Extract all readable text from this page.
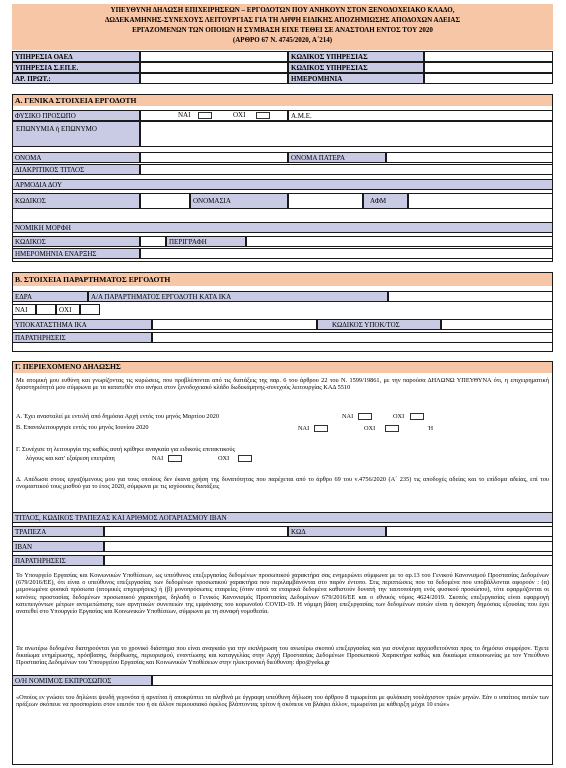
ΥΠΕΥΘΥΝΗ ΔΗΛΩΣΗ ΕΠΙΧΕΙΡΗΣΕΩΝ – ΕΡΓΟΔΟΤΩΝ ΠΟΥ ΑΝΗΚΟΥΝ ΣΤΟΝ ΞΕΝΟΔΟΧΕΙΑΚΟ ΚΛΑΔΟ,
ΔΩΔΕΚΑΜΗΝΗΣ-ΣΥΝΕΧΟΥΣ ΛΕΙΤΟΥΡΓΙΑΣ ΓΙΑ ΤΗ ΛΗΨΗ ΕΙΔΙΚΗΣ ΑΠΟΖΗΜΙΩΣΗΣ ΑΠΟΔΟΧΩΝ ΑΔΕΙΑΣ
ΕΡΓΑΖΟΜΕΝΩΝ ΤΩΝ ΟΠΟΙΩΝ Η ΣΥΜΒΑΣΗ ΕΙΧΕ ΤΕΘΕΙ ΣΕ ΑΝΑΣΤΟΛΗ ΕΝΤΟΣ ΤΟΥ 2020
(ΑΡΘΡΟ 67 Ν. 4745/2020, Α΄214)
ΥΠΗΡΕΣΙΑ ΟΑΕΔ	ΚΩΔΙΚΟΣ ΥΠΗΡΕΣΙΑΣ
ΥΠΗΡΕΣΙΑ Σ.ΕΠ.Ε.	ΚΩΔΙΚΟΣ ΥΠΗΡΕΣΙΑΣ
ΑΡ. ΠΡΩΤ.:	ΗΜΕΡΟΜΗΝΙΑ
Α. ΓΕΝΙΚΑ ΣΤΟΙΧΕΙΑ ΕΡΓΟΔΟΤΗ
ΦΥΣΙΚΟ ΠΡΟΣΩΠΟ	ΝΑΙ	ΟΧΙ	Α.Μ.Ε.
ΕΠΩΝΥΜΙΑ ή ΕΠΩΝΥΜΟ
ΟΝΟΜΑ	ΟΝΟΜΑ ΠΑΤΕΡΑ
ΔΙΑΚΡΙΤΙΚΟΣ ΤΙΤΛΟΣ
ΑΡΜΟΔΙΑ ΔΟΥ
ΚΩΔΙΚΟΣ	ΟΝΟΜΑΣΙΑ	ΑΦΜ
ΝΟΜΙΚΗ ΜΟΡΦΗ
ΚΩΔΙΚΟΣ	ΠΕΡΙΓΡΑΦΗ
ΗΜΕΡΟΜΗΝΙΑ ΕΝΑΡΞΗΣ
Β. ΣΤΟΙΧΕΙΑ ΠΑΡΑΡΤΗΜΑΤΟΣ ΕΡΓΟΔΟΤΗ
ΕΔΡΑ	Α/Α ΠΑΡΑΡΤΗΜΑΤΟΣ ΕΡΓΟΔΟΤΗ ΚΑΤΑ ΙΚΑ
ΝΑΙ	ΟΧΙ
ΥΠΟΚΑΤΑΣΤΗΜΑ ΙΚΑ	ΚΩΔΙΚΟΣ ΥΠΟΚ/ΤΟΣ
ΠΑΡΑΤΗΡΗΣΕΙΣ
Γ. ΠΕΡΙΕΧΟΜΕΝΟ ΔΗΛΩΣΗΣ
Με ατομική μου ευθύνη και γνωρίζοντας τις κυρώσεις, που προβλέπονται από τις διατάξεις της παρ. 6 του άρθρου 22 του Ν. 1599/19861, με την παρούσα ΔΗΛΩΝΩ ΥΠΕΥΘΥΝΑ ότι, η επιχειρηματική δραστηριότητά μου σύμφωνα με τα κατατεθέν στο ανήκει στον ξενοδοχειακό κλάδο δωδεκάμηνης-συνεχούς λειτουργίας ΚΑΔ 5510
Α. Έχει ανασταλεί με εντολή από δημόσια Αρχή εντός του μηνός Μαρτίου 2020	ΝΑΙ	ΟΧΙ
Β. Επαναλειτουργησε εντός του μηνός Ιουνίου 2020	ΝΑΙ	ΟΧΙ	Ή
Γ. Συνέχισε τη λειτουργία της καθώς αυτή κρίθηκε αναγκαία για ειδικούς επιτακτικούς
λόγους και κατ' εξαίρεση επετράπη	ΝΑΙ	ΟΧΙ
Δ. Απέδωσα στους εργαζόμενους μου για τους οποίους δεν έκανα χρήση της δυνατότητας που παρέχεται από το άρθρο 69 του ν.4756/2020 (Α΄ 235) τις αποδοχές αδείας και το επίδομα αδείας, επί του ονομαστικού τους μισθού για το έτος 2020, σύμφωνα με τις ισχύουσες διατάξεις
ΤΙΤΛΟΣ, ΚΩΔΙΚΟΣ ΤΡΑΠΕΖΑΣ ΚΑΙ ΑΡΙΘΜΟΣ ΛΟΓΑΡΙΑΣΜΟΥ IBAN
ΤΡΑΠΕΖΑ	ΚΩΔ
IBAN
ΠΑΡΑΤΗΡΗΣΕΙΣ
Το Υπουργείο Εργασίας και Κοινωνικών Υποθέσεων, ως υπεύθυνος επεξεργασίας δεδομένων προσωπικού χαρακτήρα σας ενημερώνει σύμφωνα με το αρ.13 του Γενικού Κανονισμού Προστασίας Δεδομένων (679/2016/ΕΕ), ότι είναι ο υπεύθυνος επεξεργασίας των δεδομένων προσωπικού χαρακτήρα που περιλαμβάνονται στο παρόν έντυπο. Στις περιπτώσεις που τα δεδομένα που υποβάλλονται αφορούν : (α) μεμονωμένα φυσικά πρόσωπα (ατομικές επιχειρήσεις) ή (β) μονοπρόσωπες εταιρείες (όταν αυτά τα εταιρικά δεδομένα καθιστούν δυνατή την ταυτοποίηση ενός φυσικού προσώπου), τότε εφαρμόζονται οι κανόνες προστασίας δεδομένων προσωπικού χαρακτήρα, δηλαδή ο Γενικός Κανονισμός Προστασίας Δεδομένων 679/2016/ΕΕ και ο εθνικός νόμος 4624/2019. Σκοπός επεξεργασίας είναι εφαρμογή κατεπειγόντων μέτρων αντιμετώπισης των αρνητικών συνεπειών της εμφάνισης του κορωνοϊού COVID-19. Η νόμιμη βάση επεξεργασίας των δεδομένων αυτών είναι η άσκηση δημόσιας εξουσίας που έχει ανατεθεί στο Υπουργείο Εργασίας και Κοινωνικών Υποθέσεων, σύμφωνα με τη συναφή νομοθεσία.
Τα ανωτέρω δεδομένα διατηρούνται για το χρονικό διάστημα που είναι αναγκαίο για την εκπλήρωση του ανωτέρω σκοπού επεξεργασίας και για συνέχεια αρχειοθετούνται προς το δημόσιο συμφέρον. Έχετε δικαίωμα ενημέρωσης, πρόσβασης, διόρθωσης, περιορισμού, εναντίωσης και καταγγελίας στην Αρχή Προστασίας Δεδομένων Προσωπικού Χαρακτήρα καθώς και δικαίωμα επικοινωνίας με τον Υπεύθυνο Προστασίας Δεδομένων του Υπουργείου Εργασίας και Κοινωνικών Υποθέσεων στην ηλεκτρονική διεύθυνση: dpo@yeka.gr
Ο/Η ΝΟΜΙΜΟΣ ΕΚΠΡΟΣΩΠΟΣ
«Οποίος εν γνώσει του δηλώνει ψευδή γεγονότα ή αρνείται ή αποκρύπτει τα αληθινά με έγγραφη υπεύθυνη δήλωση του άρθρου 8 τιμωρείται με φυλάκιση τουλάχιστον τριών μηνών. Εάν ο υπαίτιος αυτών των πράξεων σκόπευε να προσπορίσει στον εαυτόν του ή σε άλλον περιουσιακό όφελος βλάπτοντας τρίτον ή σκόπευε να βλάψει άλλον, τιμωρείται με κάθειρξη μέχρι 10 ετών»
